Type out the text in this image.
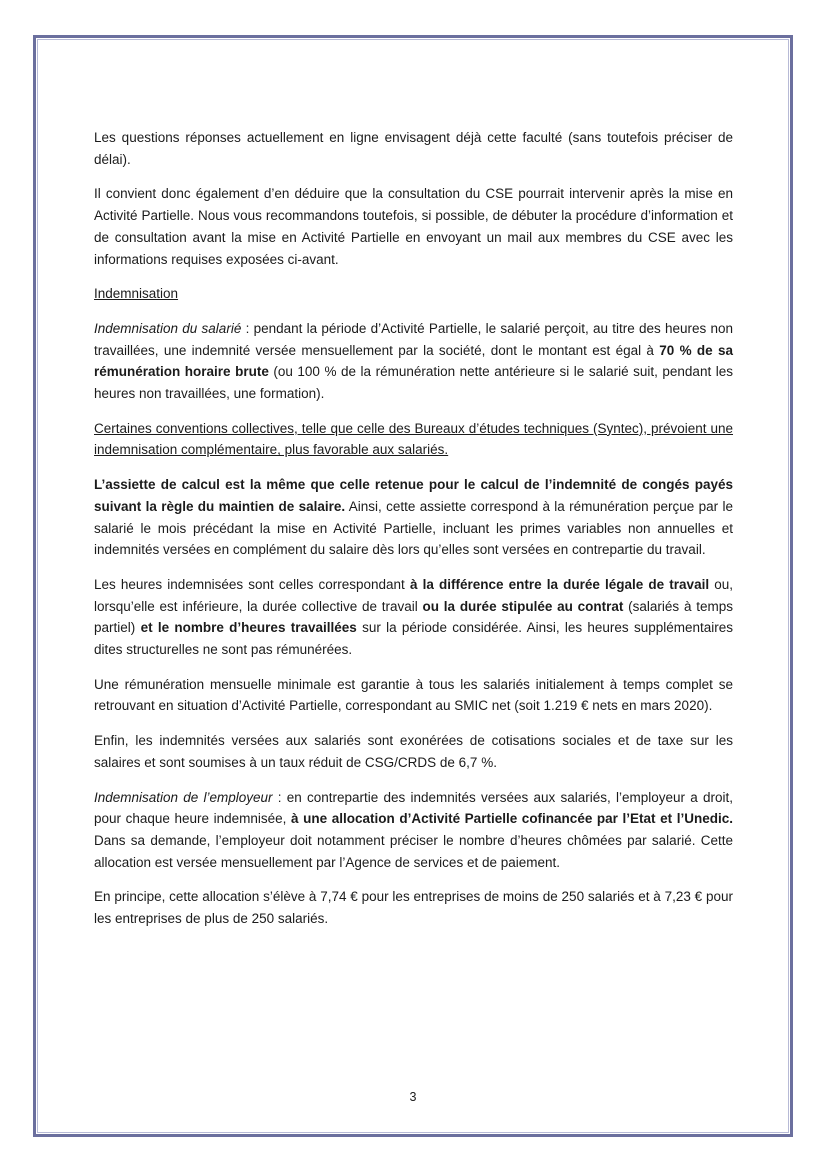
Les questions réponses actuellement en ligne envisagent déjà cette faculté (sans toutefois préciser de délai).

Il convient donc également d’en déduire que la consultation du CSE pourrait intervenir après la mise en Activité Partielle. Nous vous recommandons toutefois, si possible, de débuter la procédure d’information et de consultation avant la mise en Activité Partielle en envoyant un mail aux membres du CSE avec les informations requises exposées ci-avant.

Indemnisation

Indemnisation du salarié : pendant la période d’Activité Partielle, le salarié perçoit, au titre des heures non travaillées, une indemnité versée mensuellement par la société, dont le montant est égal à 70 % de sa rémunération horaire brute (ou 100 % de la rémunération nette antérieure si le salarié suit, pendant les heures non travaillées, une formation).

Certaines conventions collectives, telle que celle des Bureaux d’études techniques (Syntec), prévoient une indemnisation complémentaire, plus favorable aux salariés.

L’assiette de calcul est la même que celle retenue pour le calcul de l’indemnité de congés payés suivant la règle du maintien de salaire. Ainsi, cette assiette correspond à la rémunération perçue par le salarié le mois précédant la mise en Activité Partielle, incluant les primes variables non annuelles et indemnités versées en complément du salaire dès lors qu’elles sont versées en contrepartie du travail.

Les heures indemnisées sont celles correspondant à la différence entre la durée légale de travail ou, lorsqu’elle est inférieure, la durée collective de travail ou la durée stipulée au contrat (salariés à temps partiel) et le nombre d’heures travaillées sur la période considérée. Ainsi, les heures supplémentaires dites structurelles ne sont pas rémunérées.

Une rémunération mensuelle minimale est garantie à tous les salariés initialement à temps complet se retrouvant en situation d’Activité Partielle, correspondant au SMIC net (soit 1.219 € nets en mars 2020).

Enfin, les indemnités versées aux salariés sont exonérées de cotisations sociales et de taxe sur les salaires et sont soumises à un taux réduit de CSG/CRDS de 6,7 %.

Indemnisation de l’employeur : en contrepartie des indemnités versées aux salariés, l’employeur a droit, pour chaque heure indemnisée, à une allocation d’Activité Partielle cofinancée par l’Etat et l’Unedic. Dans sa demande, l’employeur doit notamment préciser le nombre d’heures chômées par salarié. Cette allocation est versée mensuellement par l’Agence de services et de paiement.

En principe, cette allocation s’élève à 7,74 € pour les entreprises de moins de 250 salariés et à 7,23 € pour les entreprises de plus de 250 salariés.

3
